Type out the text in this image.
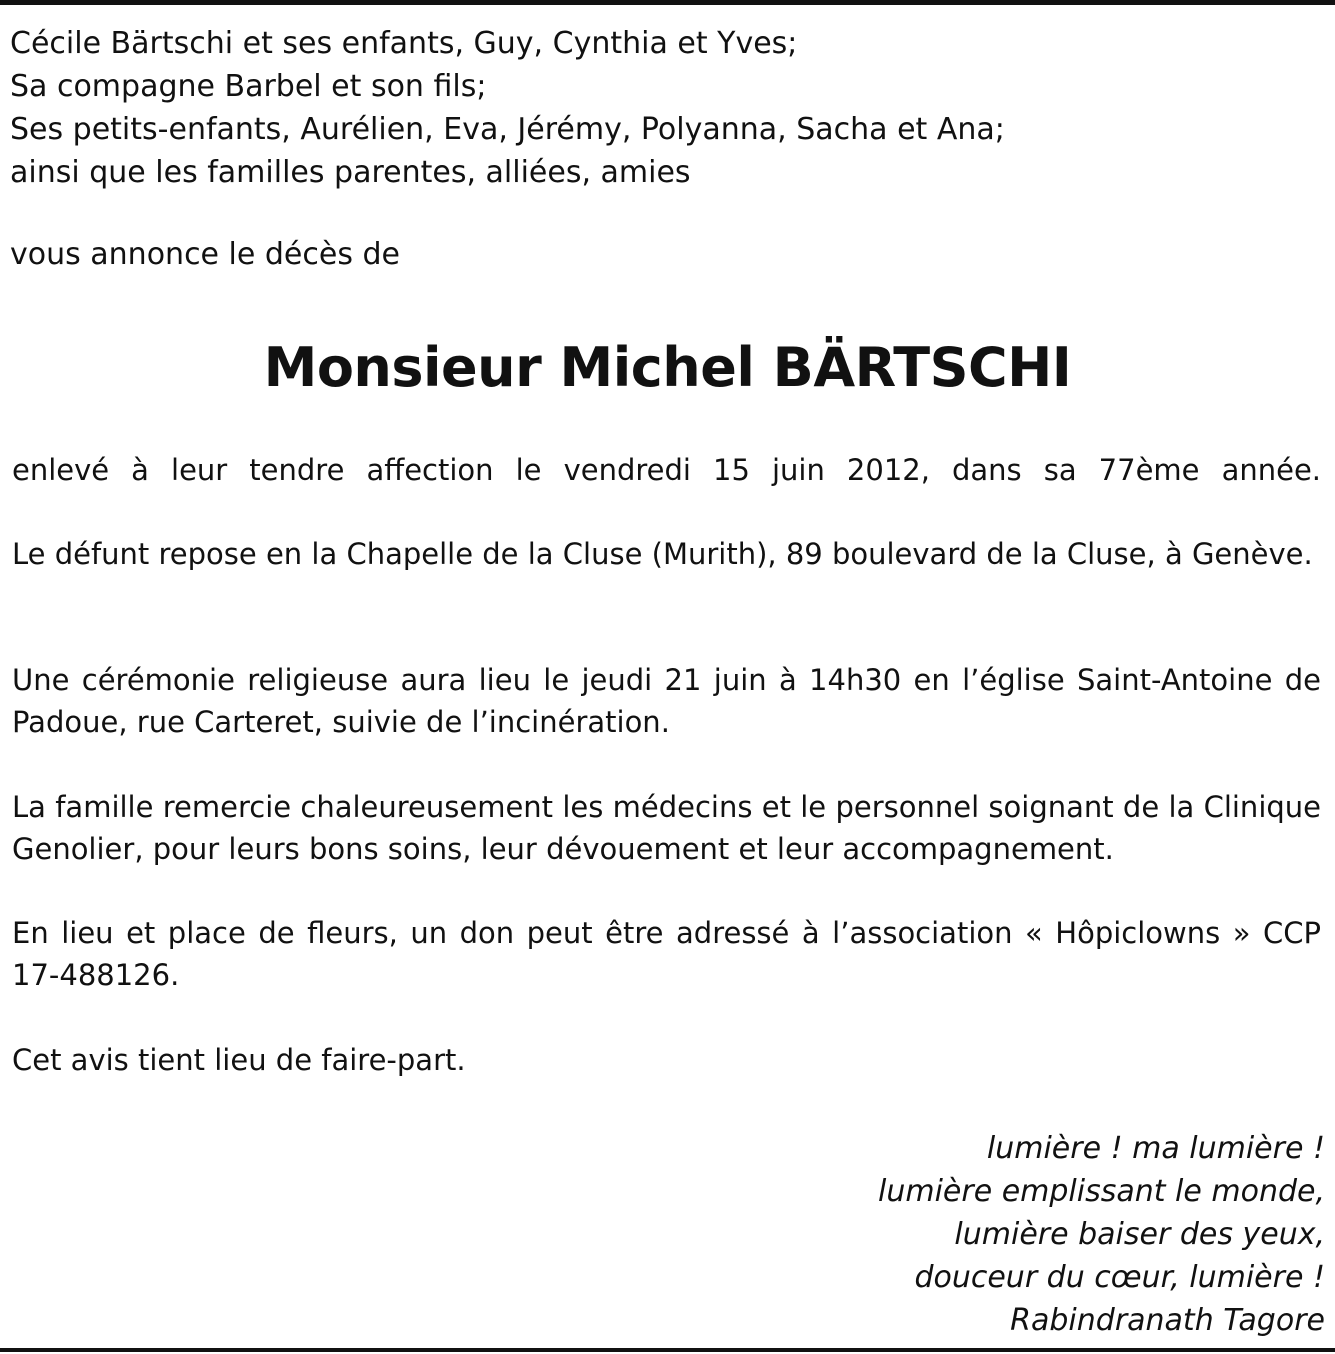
Cécile Bärtschi et ses enfants, Guy, Cynthia et Yves;
Sa compagne Barbel et son fils;
Ses petits-enfants, Aurélien, Eva, Jérémy, Polyanna, Sacha et Ana;
ainsi que les familles parentes, alliées, amies
vous annonce le décès de
Monsieur Michel BÄRTSCHI

enlevé à leur tendre affection le vendredi 15 juin 2012, dans sa 77ème année.

Le défunt repose en la Chapelle de la Cluse (Murith), 89 boulevard de la Cluse, à Genève.

Une cérémonie religieuse aura lieu le jeudi 21 juin à 14h30 en l’église Saint-Antoine de Padoue, rue Carteret, suivie de l’incinération.

La famille remercie chaleureusement les médecins et le personnel soignant de la Clinique Genolier, pour leurs bons soins, leur dévouement et leur accompagnement.

En lieu et place de fleurs, un don peut être adressé à l’association « Hôpiclowns » CCP 17-488126.

Cet avis tient lieu de faire-part.

lumière ! ma lumière !
lumière emplissant le monde,
lumière baiser des yeux,
douceur du cœur, lumière !
Rabindranath Tagore
